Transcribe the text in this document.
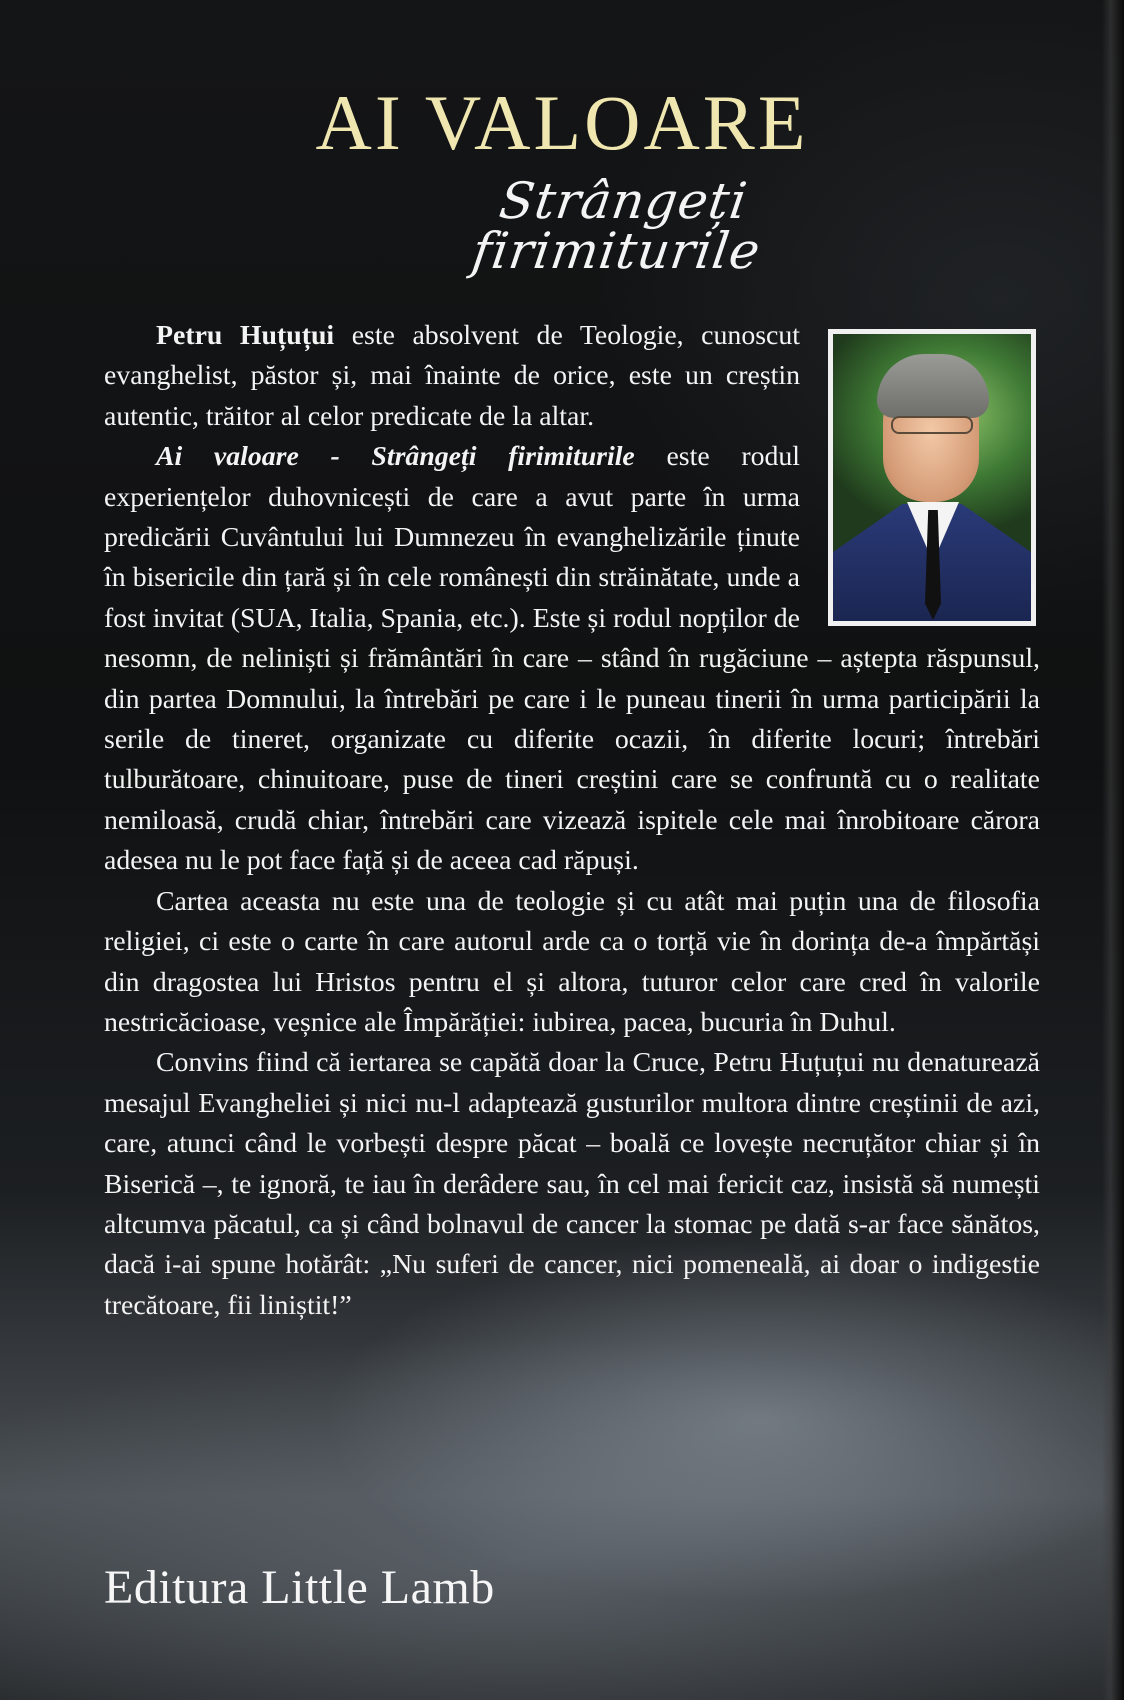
AI VALOARE
Strângeți firimiturile

Petru Huțuțui este absolvent de Teologie, cunoscut evanghelist, păstor și, mai înainte de orice, este un creștin autentic, trăitor al celor predicate de la altar.

Ai valoare - Strângeți firimiturile este rodul experiențelor duhovnicești de care a avut parte în urma predicării Cuvântului lui Dumnezeu în evanghelizările ținute în bisericile din țară și în cele românești din străinătate, unde a fost invitat (SUA, Italia, Spania, etc.). Este și rodul nopților de nesomn, de neliniști și frământări în care – stând în rugăciune – aștepta răspunsul, din partea Domnului, la întrebări pe care i le puneau tinerii în urma participării la serile de tineret, organizate cu diferite ocazii, în diferite locuri; întrebări tulburătoare, chinuitoare, puse de tineri creștini care se confruntă cu o realitate nemiloasă, crudă chiar, întrebări care vizează ispitele cele mai înrobitoare cărora adesea nu le pot face față și de aceea cad răpuși.

Cartea aceasta nu este una de teologie și cu atât mai puțin una de filosofia religiei, ci este o carte în care autorul arde ca o torță vie în dorința de-a împărtăși din dragostea lui Hristos pentru el și altora, tuturor celor care cred în valorile nestricăcioase, veșnice ale Împărăției: iubirea, pacea, bucuria în Duhul.

Convins fiind că iertarea se capătă doar la Cruce, Petru Huțuțui nu denaturează mesajul Evangheliei și nici nu-l adaptează gusturilor multora dintre creștinii de azi, care, atunci când le vorbești despre păcat – boală ce lovește necruțător chiar și în Biserică –, te ignoră, te iau în derâdere sau, în cel mai fericit caz, insistă să numești altcumva păcatul, ca și când bolnavul de cancer la stomac pe dată s-ar face sănătos, dacă i-ai spune hotărât: „Nu suferi de cancer, nici pomeneală, ai doar o indigestie trecătoare, fii liniștit!”

Editura Little Lamb
